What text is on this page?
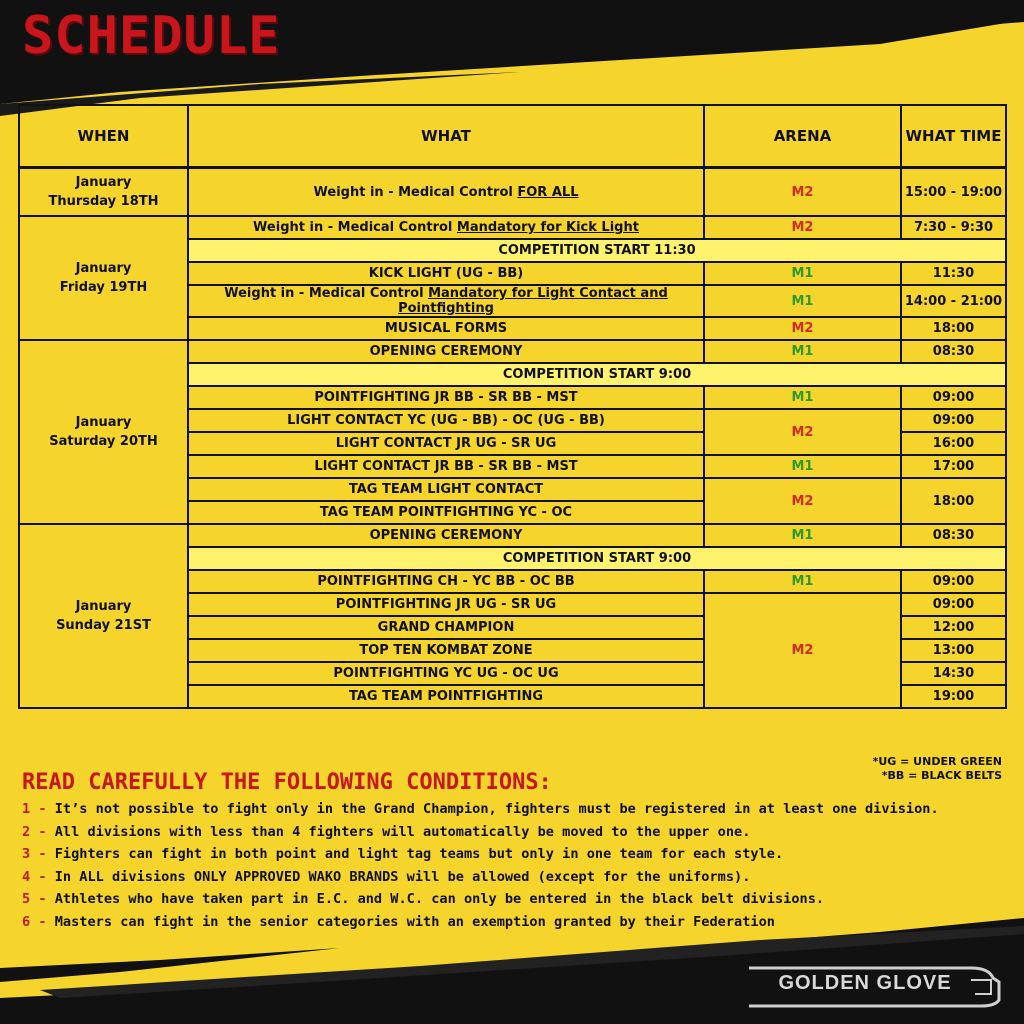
SCHEDULE
WHEN	WHAT	ARENA	WHAT TIME
January
Thursday 18TH	Weight in - Medical Control FOR ALL	M2	15:00 - 19:00
January
Friday 19TH	Weight in - Medical Control Mandatory for Kick Light	M2	7:30 - 9:30
	COMPETITION START 11:30		
	KICK LIGHT (UG - BB)	M1	11:30
	Weight in - Medical Control Mandatory for Light Contact and Pointfighting	M1	14:00 - 21:00
	MUSICAL FORMS	M2	18:00
January
Saturday 20TH	OPENING CEREMONY	M1	08:30
	COMPETITION START 9:00		
	POINTFIGHTING JR BB - SR BB - MST	M1	09:00
	LIGHT CONTACT YC (UG - BB) - OC (UG - BB)	M2	09:00
	LIGHT CONTACT JR UG - SR UG		16:00
	LIGHT CONTACT JR BB - SR BB - MST	M1	17:00
	TAG TEAM LIGHT CONTACT	M2	18:00
	TAG TEAM POINTFIGHTING YC - OC		
January
Sunday 21ST	OPENING CEREMONY	M1	08:30
	COMPETITION START 9:00		
	POINTFIGHTING CH - YC BB - OC BB	M1	09:00
	POINTFIGHTING JR UG - SR UG	M2	09:00
	GRAND CHAMPION		12:00
	TOP TEN KOMBAT ZONE		13:00
	POINTFIGHTING YC UG - OC UG		14:30
	TAG TEAM POINTFIGHTING		19:00
*UG = UNDER GREEN
*BB = BLACK BELTS
READ CAREFULLY THE FOLLOWING CONDITIONS:
1 - It’s not possible to fight only in the Grand Champion, fighters must be registered in at least one division.
2 - All divisions with less than 4 fighters will automatically be moved to the upper one.
3 - Fighters can fight in both point and light tag teams but only in one team for each style.
4 - In ALL divisions ONLY APPROVED WAKO BRANDS will be allowed (except for the uniforms).
5 - Athletes who have taken part in E.C. and W.C. can only be entered in the black belt divisions.
6 - Masters can fight in the senior categories with an exemption granted by their Federation
GOLDEN GLOVE
